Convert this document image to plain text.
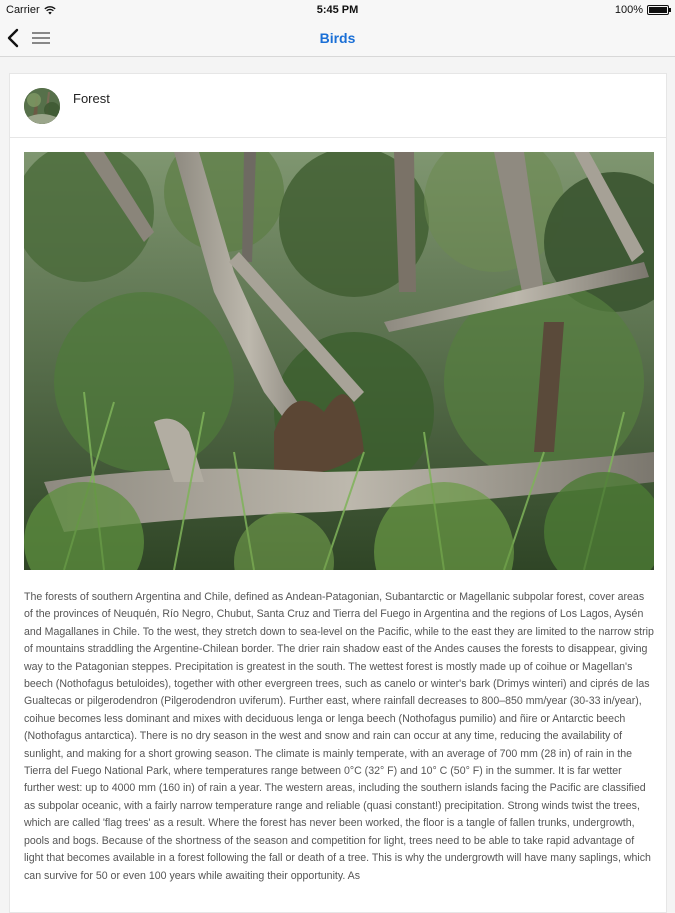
Carrier	5:45 PM	100%
Birds
Forest

The forests of southern Argentina and Chile, defined as Andean-Patagonian, Subantarctic or Magellanic subpolar forest, cover areas of the provinces of Neuquén, Río Negro, Chubut, Santa Cruz and Tierra del Fuego in Argentina and the regions of Los Lagos, Aysén and Magallanes in Chile. To the west, they stretch down to sea-level on the Pacific, while to the east they are limited to the narrow strip of mountains straddling the Argentine-Chilean border. The drier rain shadow east of the Andes causes the forests to disappear, giving way to the Patagonian steppes. Precipitation is greatest in the south. The wettest forest is mostly made up of coihue or Magellan's beech (Nothofagus betuloides), together with other evergreen trees, such as canelo or winter's bark (Drimys winteri) and ciprés de las Gualtecas or pilgerodendron (Pilgerodendron uviferum). Further east, where rainfall decreases to 800–850 mm/year (30-33 in/year), coihue becomes less dominant and mixes with deciduous lenga or lenga beech (Nothofagus pumilio) and ñire or Antarctic beech (Nothofagus antarctica). There is no dry season in the west and snow and rain can occur at any time, reducing the availability of sunlight, and making for a short growing season. The climate is mainly temperate, with an average of 700 mm (28 in) of rain in the Tierra del Fuego National Park, where temperatures range between 0°C (32° F) and 10° C (50° F) in the summer. It is far wetter further west: up to 4000 mm (160 in) of rain a year. The western areas, including the southern islands facing the Pacific are classified as subpolar oceanic, with a fairly narrow temperature range and reliable (quasi constant!) precipitation. Strong winds twist the trees, which are called 'flag trees' as a result. Where the forest has never been worked, the floor is a tangle of fallen trunks, undergrowth, pools and bogs. Because of the shortness of the season and competition for light, trees need to be able to take rapid advantage of light that becomes available in a forest following the fall or death of a tree. This is why the undergrowth will have many saplings, which can survive for 50 or even 100 years while awaiting their opportunity. As
